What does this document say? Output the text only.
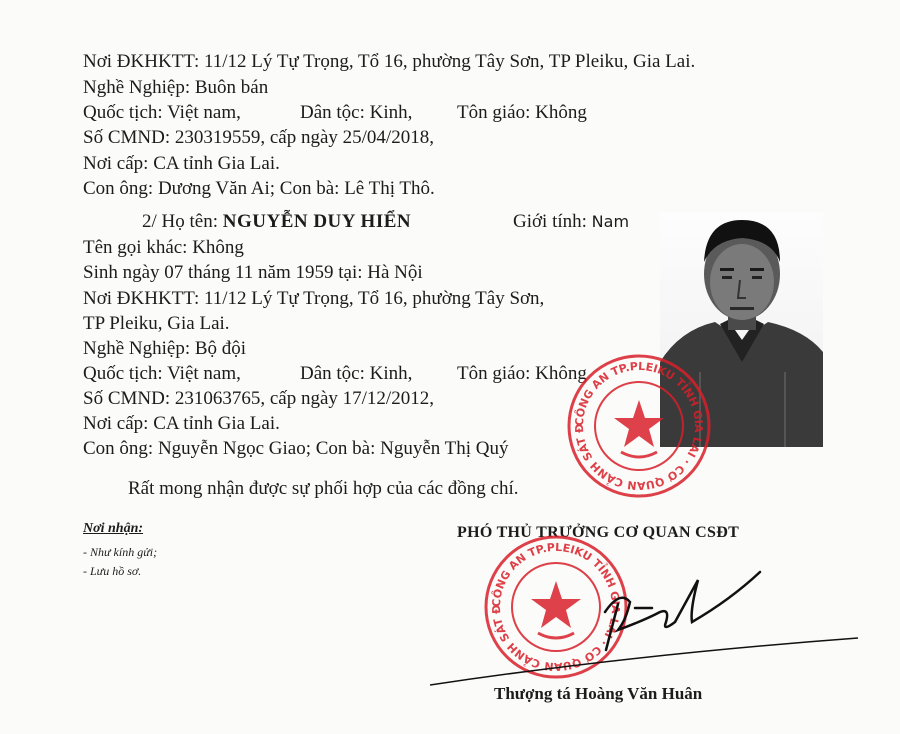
Nơi ĐKHKTT: 11/12 Lý Tự Trọng, Tổ 16, phường Tây Sơn, TP Pleiku, Gia Lai.
Nghề Nghiệp: Buôn bán
Quốc tịch: Việt nam,	Dân tộc: Kinh, Tôn giáo: Không
Số CMND: 230319559, cấp ngày 25/04/2018,
Nơi cấp: CA tỉnh Gia Lai.
Con ông: Dương Văn Ai; Con bà: Lê Thị Thô.
2/ Họ tên: NGUYỄN DUY HIỂN	Giới tính: Nam
Tên gọi khác: Không
Sinh ngày 07 tháng 11 năm 1959 tại: Hà Nội
Nơi ĐKHKTT: 11/12 Lý Tự Trọng, Tổ 16, phường Tây Sơn,
TP Pleiku, Gia Lai.
Nghề Nghiệp: Bộ đội
Quốc tịch: Việt nam,	Dân tộc: Kinh, Tôn giáo: Không
Số CMND: 231063765, cấp ngày 17/12/2012,
Nơi cấp: CA tỉnh Gia Lai.
Con ông: Nguyễn Ngọc Giao; Con bà: Nguyễn Thị Quý
Rất mong nhận được sự phối hợp của các đồng chí.
CÔNG AN TP.PLEIKU TỈNH GIA LAI · CƠ QUAN CẢNH SÁT Đ
Nơi nhận:
- Như kính gửi;
- Lưu hồ sơ.
PHÓ THỦ TRƯỞNG CƠ QUAN CSĐT
CÔNG AN TP.PLEIKU TỈNH GIA LAI · CƠ QUAN CẢNH SÁT Đ
Thượng tá Hoàng Văn Huân
